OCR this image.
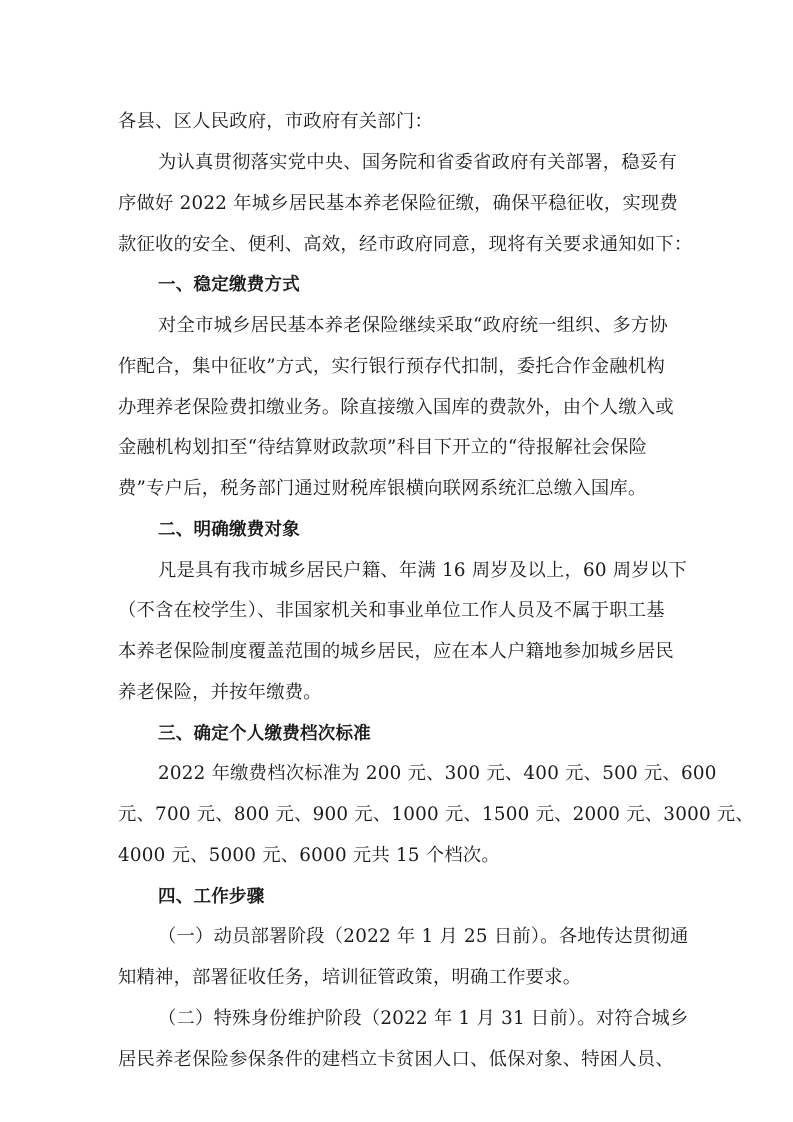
各县、区人民政府，市政府有关部门：
为认真贯彻落实党中央、国务院和省委省政府有关部署，稳妥有
序做好 2022 年城乡居民基本养老保险征缴，确保平稳征收，实现费
款征收的安全、便利、高效，经市政府同意，现将有关要求通知如下：
一、稳定缴费方式
对全市城乡居民基本养老保险继续采取“政府统一组织、多方协
作配合，集中征收”方式，实行银行预存代扣制，委托合作金融机构
办理养老保险费扣缴业务。除直接缴入国库的费款外，由个人缴入或
金融机构划扣至“待结算财政款项”科目下开立的“待报解社会保险
费”专户后，税务部门通过财税库银横向联网系统汇总缴入国库。
二、明确缴费对象
凡是具有我市城乡居民户籍、年满 16 周岁及以上，60 周岁以下
（不含在校学生）、非国家机关和事业单位工作人员及不属于职工基
本养老保险制度覆盖范围的城乡居民，应在本人户籍地参加城乡居民
养老保险，并按年缴费。
三、确定个人缴费档次标准
2022 年缴费档次标准为 200 元、300 元、400 元、500 元、600
元、700 元、800 元、900 元、1000 元、1500 元、2000 元、3000 元、
4000 元、5000 元、6000 元共 15 个档次。
四、工作步骤
（一）动员部署阶段（2022 年 1 月 25 日前）。各地传达贯彻通
知精神，部署征收任务，培训征管政策，明确工作要求。
（二）特殊身份维护阶段（2022 年 1 月 31 日前）。对符合城乡
居民养老保险参保条件的建档立卡贫困人口、低保对象、特困人员、
